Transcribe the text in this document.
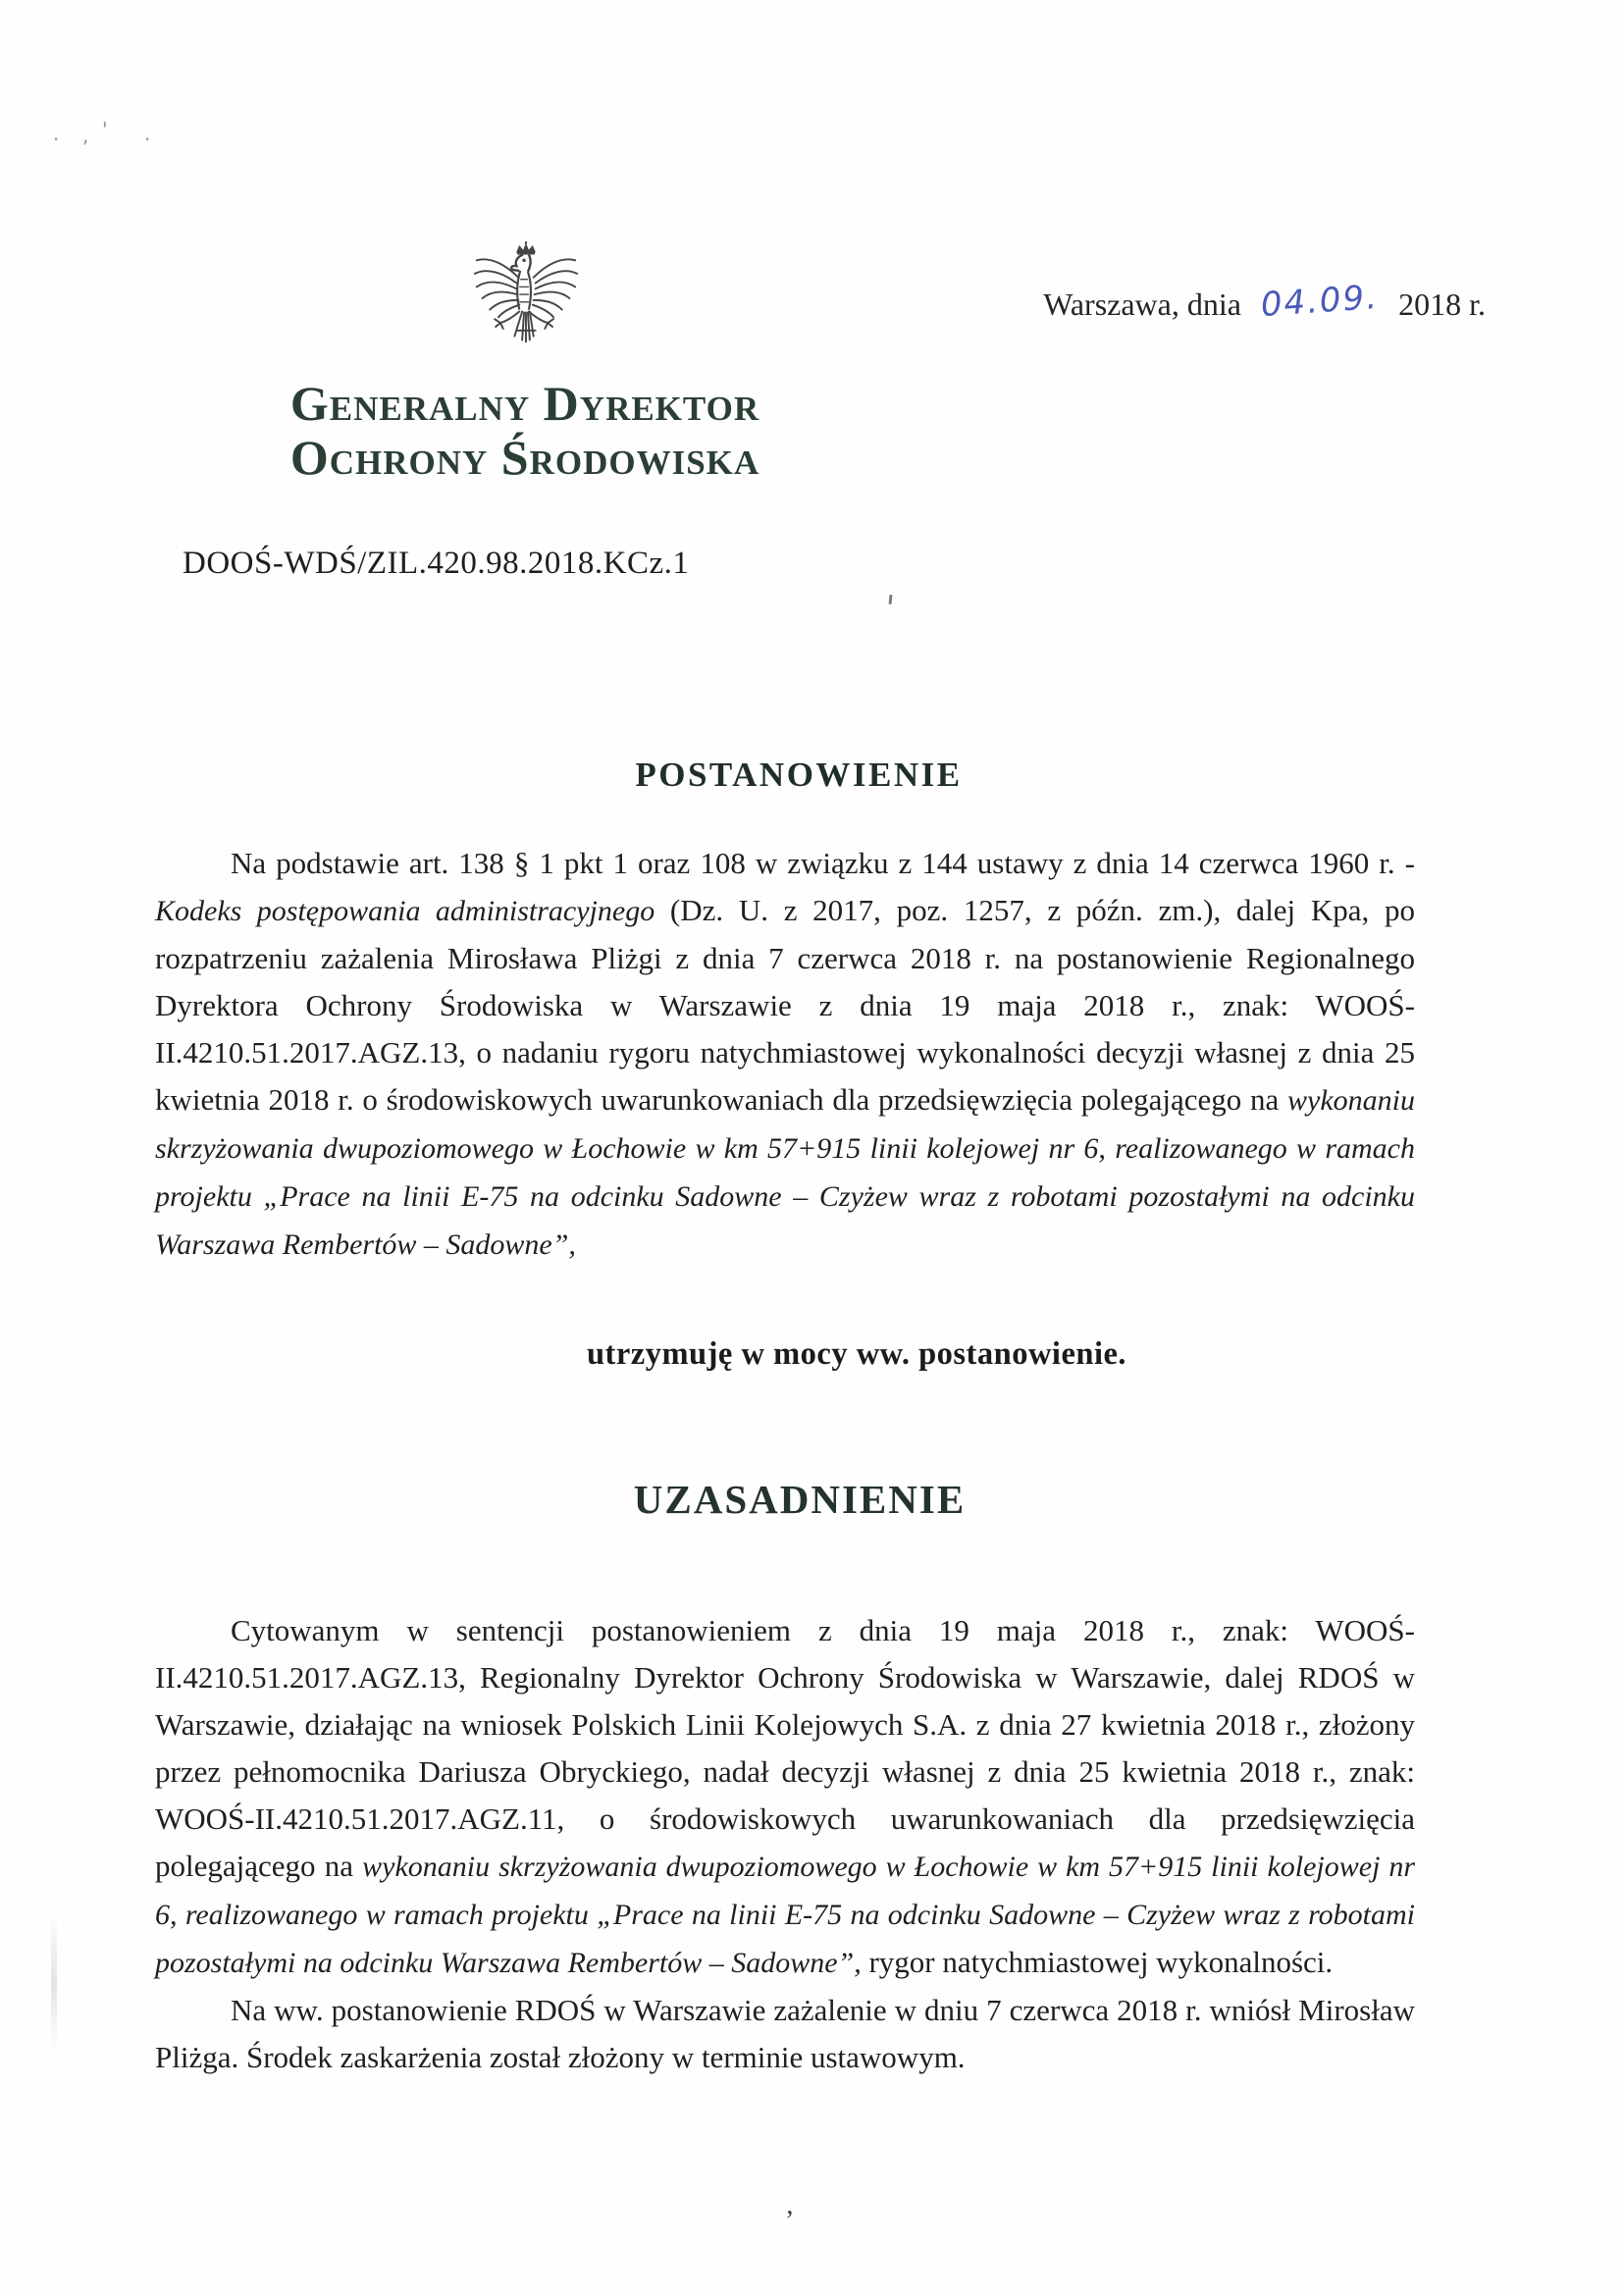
. , ' .
Warszawa, dnia 04.09. 2018 r.
Generalny Dyrektor
Ochrony Środowiska
DOOŚ-WDŚ/ZIL.420.98.2018.KCz.1
POSTANOWIENIE

Na podstawie art. 138 § 1 pkt 1 oraz 108 w związku z 144 ustawy z dnia 14 czerwca 1960 r. - Kodeks postępowania administracyjnego (Dz. U. z 2017, poz. 1257, z późn. zm.), dalej Kpa, po rozpatrzeniu zażalenia Mirosława Pliżgi z dnia 7 czerwca 2018 r. na postanowienie Regionalnego Dyrektora Ochrony Środowiska w Warszawie z dnia 19 maja 2018 r., znak: WOOŚ-II.4210.51.2017.AGZ.13, o nadaniu rygoru natychmiastowej wykonalności decyzji własnej z dnia 25 kwietnia 2018 r. o środowiskowych uwarunkowaniach dla przedsięwzięcia polegającego na wykonaniu skrzyżowania dwupoziomowego w Łochowie w km 57+915 linii kolejowej nr 6, realizowanego w ramach projektu „Prace na linii E-75 na odcinku Sadowne – Czyżew wraz z robotami pozostałymi na odcinku Warszawa Rembertów – Sadowne”,

utrzymuję w mocy ww. postanowienie.
UZASADNIENIE

Cytowanym w sentencji postanowieniem z dnia 19 maja 2018 r., znak: WOOŚ-II.4210.51.2017.AGZ.13, Regionalny Dyrektor Ochrony Środowiska w Warszawie, dalej RDOŚ w Warszawie, działając na wniosek Polskich Linii Kolejowych S.A. z dnia 27 kwietnia 2018 r., złożony przez pełnomocnika Dariusza Obryckiego, nadał decyzji własnej z dnia 25 kwietnia 2018 r., znak: WOOŚ-II.4210.51.2017.AGZ.11, o środowiskowych uwarunkowaniach dla przedsięwzięcia polegającego na wykonaniu skrzyżowania dwupoziomowego w Łochowie w km 57+915 linii kolejowej nr 6, realizowanego w ramach projektu „Prace na linii E-75 na odcinku Sadowne – Czyżew wraz z robotami pozostałymi na odcinku Warszawa Rembertów – Sadowne”, rygor natychmiastowej wykonalności.

Na ww. postanowienie RDOŚ w Warszawie zażalenie w dniu 7 czerwca 2018 r. wniósł Mirosław Pliżga. Środek zaskarżenia został złożony w terminie ustawowym.

’
